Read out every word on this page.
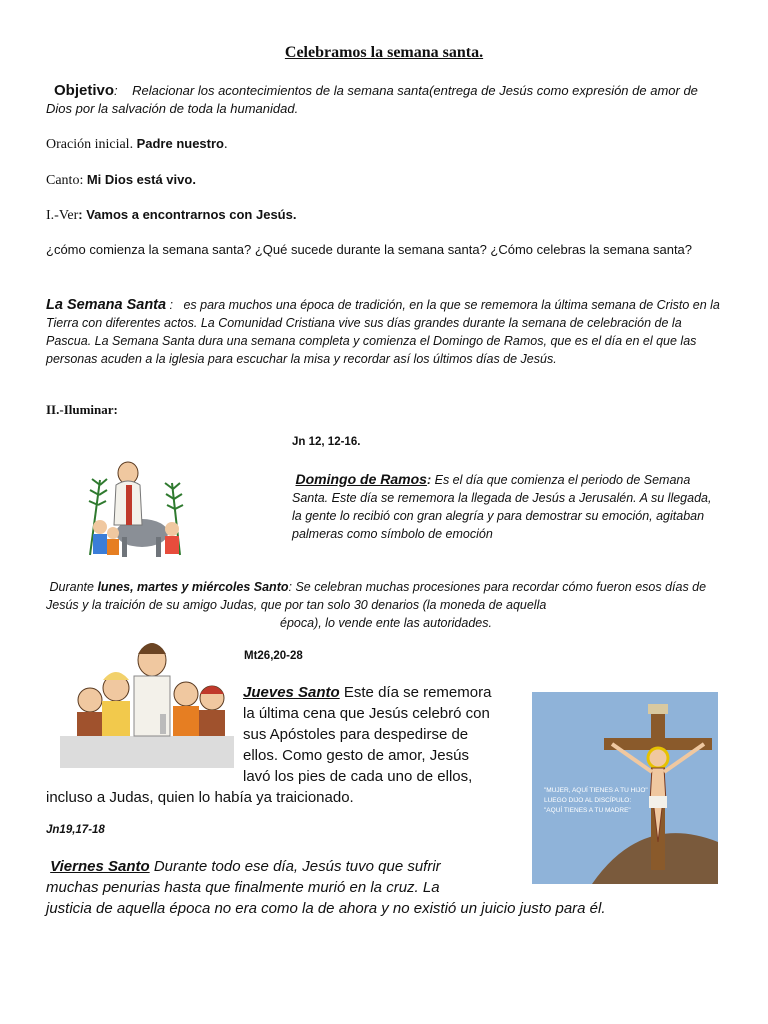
Celebramos la semana santa.
Objetivo: Relacionar los acontecimientos de la semana santa(entrega de Jesús como expresión de amor de Dios por la salvación de toda la humanidad.
Oración inicial. Padre nuestro.
Canto: Mi Dios está vivo.
I.-Ver: Vamos a encontrarnos con Jesús.
¿cómo comienza la semana santa? ¿Qué sucede durante la semana santa? ¿Cómo celebras la semana santa?
La Semana Santa : es para muchos una época de tradición, en la que se rememora la última semana de Cristo en la Tierra con diferentes actos. La Comunidad Cristiana vive sus días grandes durante la semana de celebración de la Pascua. La Semana Santa dura una semana completa y comienza el Domingo de Ramos, que es el día en el que las personas acuden a la iglesia para escuchar la misa y recordar así los últimos días de Jesús.
II.-Iluminar:
Jn 12, 12-16.
Domingo de Ramos: Es el día que comienza el periodo de Semana Santa. Este día se rememora la llegada de Jesús a Jerusalén. A su llegada, la gente lo recibió con gran alegría y para demostrar su emoción, agitaban palmeras como símbolo de emoción
Durante lunes, martes y miércoles Santo: Se celebran muchas procesiones para recordar cómo fueron esos días de Jesús y la traición de su amigo Judas, que por tan solo 30 denarios (la moneda de aquella
época), lo vende ente las autoridades.
Mt26,20-28
Jueves Santo Este día se rememora
la última cena que Jesús celebró con
sus Apóstoles para despedirse de
ellos. Como gesto de amor, Jesús
lavó los pies de cada uno de ellos,
incluso a Judas, quien lo había ya traicionado.	"MUJER, AQUÍ TIENES A TU HIJO"
LUEGO DIJO AL DISCÍPULO:
"AQUÍ TIENES A TU MADRE"
Jn19,17-18
Viernes Santo Durante todo ese día, Jesús tuvo que sufrir
muchas penurias hasta que finalmente murió en la cruz. La
justicia de aquella época no era como la de ahora y no existió un juicio justo para él.
